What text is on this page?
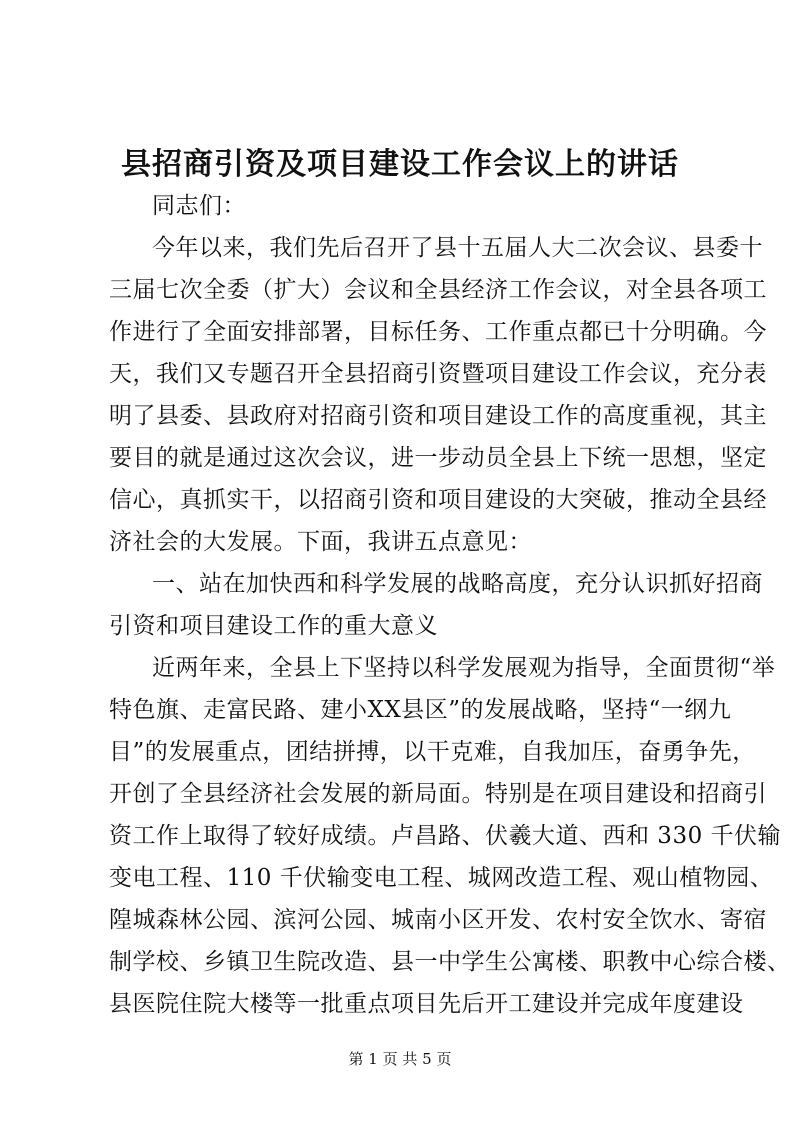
县招商引资及项目建设工作会议上的讲话
同志们：
今年以来，我们先后召开了县十五届人大二次会议、县委十
三届七次全委（扩大）会议和全县经济工作会议，对全县各项工
作进行了全面安排部署，目标任务、工作重点都已十分明确。今
天，我们又专题召开全县招商引资暨项目建设工作会议，充分表
明了县委、县政府对招商引资和项目建设工作的高度重视，其主
要目的就是通过这次会议，进一步动员全县上下统一思想，坚定
信心，真抓实干，以招商引资和项目建设的大突破，推动全县经
济社会的大发展。下面，我讲五点意见：
一、站在加快西和科学发展的战略高度，充分认识抓好招商
引资和项目建设工作的重大意义
近两年来，全县上下坚持以科学发展观为指导，全面贯彻“举
特色旗、走富民路、建小XX县区”的发展战略，坚持“一纲九
目”的发展重点，团结拼搏，以干克难，自我加压，奋勇争先，
开创了全县经济社会发展的新局面。特别是在项目建设和招商引
资工作上取得了较好成绩。卢昌路、伏羲大道、西和 330 千伏输
变电工程、110 千伏输变电工程、城网改造工程、观山植物园、
隍城森林公园、滨河公园、城南小区开发、农村安全饮水、寄宿
制学校、乡镇卫生院改造、县一中学生公寓楼、职教中心综合楼、
县医院住院大楼等一批重点项目先后开工建设并完成年度建设
第 1 页 共 5 页
